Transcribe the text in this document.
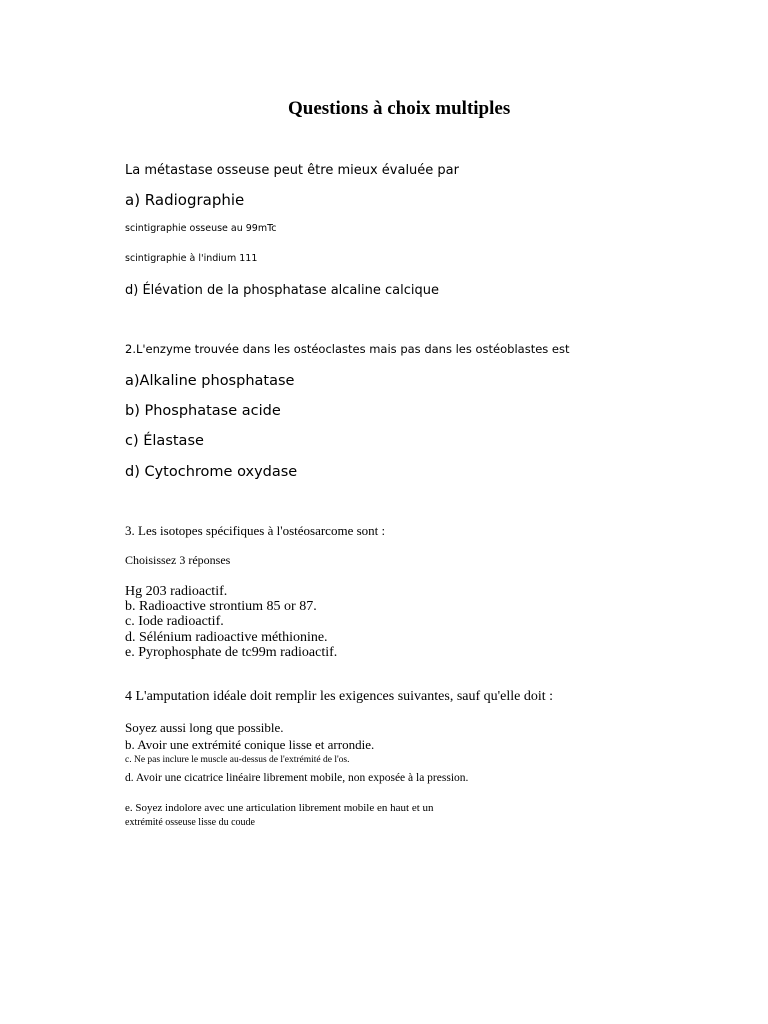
Questions à choix multiples
La métastase osseuse peut être mieux évaluée par
a) Radiographie
scintigraphie osseuse au 99mTc
scintigraphie à l'indium 111
d) Élévation de la phosphatase alcaline calcique
2.L'enzyme trouvée dans les ostéoclastes mais pas dans les ostéoblastes est
a)Alkaline phosphatase
b) Phosphatase acide
c) Élastase
d) Cytochrome oxydase
3. Les isotopes spécifiques à l'ostéosarcome sont :
Choisissez 3 réponses
Hg 203 radioactif.
b. Radioactive strontium 85 or 87.
c. Iode radioactif.
d. Sélénium radioactive méthionine.
e. Pyrophosphate de tc99m radioactif.
4 L'amputation idéale doit remplir les exigences suivantes, sauf qu'elle doit :
Soyez aussi long que possible.
b. Avoir une extrémité conique lisse et arrondie.
c. Ne pas inclure le muscle au-dessus de l'extrémité de l'os.
d. Avoir une cicatrice linéaire librement mobile, non exposée à la pression.
e. Soyez indolore avec une articulation librement mobile en haut et un
extrémité osseuse lisse du coude
